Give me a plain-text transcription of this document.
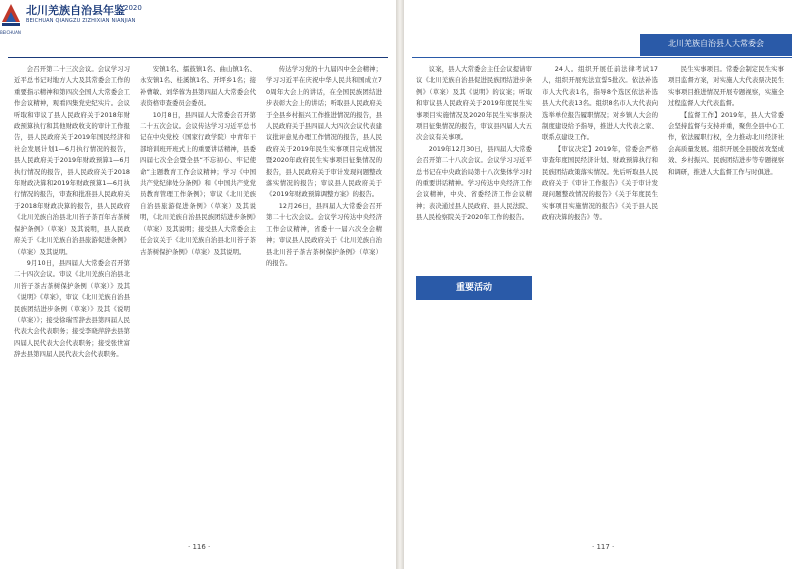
北川羌族自治县年鉴 2020
BEICHUAN QIANGZU ZIZHIXIAN NIANJIAN
BEICHUAN

会召开第二十三次会议。会议学习习近平总书记对地方人大及其常委会工作的重要指示精神和第四次全国人大常委会工作会议精神，观看四集党史纪实片。会议听取和审议了县人民政府关于2018年财政预算执行和其他财政收支的审计工作报告，县人民政府关于2019年国民经济和社会发展计划1—6月执行情况的报告，县人民政府关于2019年财政预算1—6月执行情况的报告，县人民政府关于2018年财政决算和2019年财政预算1—6月执行情况的报告，审查和批准县人民政府关于2018年财政决算的报告，县人民政府《北川羌族自治县北川苔子茶百年古茶树保护条例》（草案）及其说明，县人民政府关于《北川羌族自治县旅游促进条例》（草案）及其说明。

9月10日，县四届人大常委会召开第二十四次会议。审议《北川羌族自治县北川苔子茶古茶树保护条例（草案）》及其《说明》《草案》，审议《北川羌族自治县民族团结进步条例（草案）》及其《说明（草案）》；接受徐瑞雪辞去县第四届人民代表大会代表职务；接受李晓萍辞去县第四届人民代表大会代表职务；接受张世富辞去县第四届人民代表大会代表职务。

安镇1名、擂鼓镇1名、曲山镇1名、永安镇1名、桂溪镇1名、开坪乡1名；接补曹敏、刘华蓉为县第四届人大常委会代表资格审查委员会委员。

10月8日，县四届人大常委会召开第二十五次会议。会议传达学习习近平总书记在中央党校（国家行政学院）中青年干部培训班开班式上的重要讲话精神，县委四届七次全会暨全县“不忘初心、牢记使命”主题教育工作会议精神；学习《中国共产党纪律处分条例》和《中国共产党党员教育管理工作条例》；审议《北川羌族自治县旅游促进条例》（草案）及其说明，《北川羌族自治县民族团结进步条例》（草案）及其说明；接受县人大常委会主任会议关于《北川羌族自治县北川苔子茶古茶树保护条例》（草案）及其说明。

传达学习党的十九届四中全会精神；学习习近平在庆祝中华人民共和国成立70周年大会上的讲话，在全国民族团结进步表彰大会上的讲话；听取县人民政府关于全县乡村振兴工作推进情况的报告，县人民政府关于县四届人大四次会议代表建议批评意见办理工作情况的报告，县人民政府关于2019年民生实事项目完成情况暨2020年政府民生实事项目征集情况的报告，县人民政府关于审计发现问题整改落实情况的报告；审议县人民政府关于《2019年财政预算调整方案》的报告。

12月26日，县四届人大常委会召开第二十七次会议。会议学习传达中央经济工作会议精神，省委十一届六次全会精神；审议县人民政府关于《北川羌族自治县北川苔子茶古茶树保护条例》（草案）的报告。

· 116 ·
北川羌族自治县人大常委会

议案，县人大常委会主任会议提请审议《北川羌族自治县促进民族团结进步条例》（草案）及其《说明》的议案；听取和审议县人民政府关于2019年度民生实事项目实施情况及2020年民生实事票决项目征集情况的报告，审议县四届人大五次会议有关事项。

2019年12月30日，县四届人大常委会召开第二十八次会议。会议学习习近平总书记在中央政治局第十八次集体学习时的重要讲话精神。学习传达中央经济工作会议精神，中央、省委经济工作会议精神；表决通过县人民政府、县人民法院、县人民检察院关于2020年工作的报告。

重要活动

24人。组织开展任前法律考试17人，组织开展宪法宣誓5批次。依法补选市人大代表1名，指导8个选区依法补选县人大代表13名。组织8名市人大代表向选举单位报告履职情况；对乡镇人大会的制度建设给予指导，推进人大代表之家、联系点建设工作。

【审议决定】2019年，常委会严格审查年度国民经济计划、财政预算执行和民族团结政策落实情况。先后听取县人民政府关于《审计工作报告》《关于审计发现问题整改情况的报告》《关于年度民生实事项目实施情况的报告》《关于县人民政府决算的报告》等。

民生实事项目。常委会制定民生实事项目监督方案，对实施人大代表票决民生实事项目推进情况开展专题视察，实施全过程监督人大代表监督。

【监督工作】2019年，县人大常委会坚持监督与支持并重，聚焦全县中心工作，依法履职行权，全力推动北川经济社会高质量发展。组织开展全县脱贫攻坚成效、乡村振兴、民族团结进步等专题视察和调研，推进人大监督工作与时俱进。

· 117 ·
